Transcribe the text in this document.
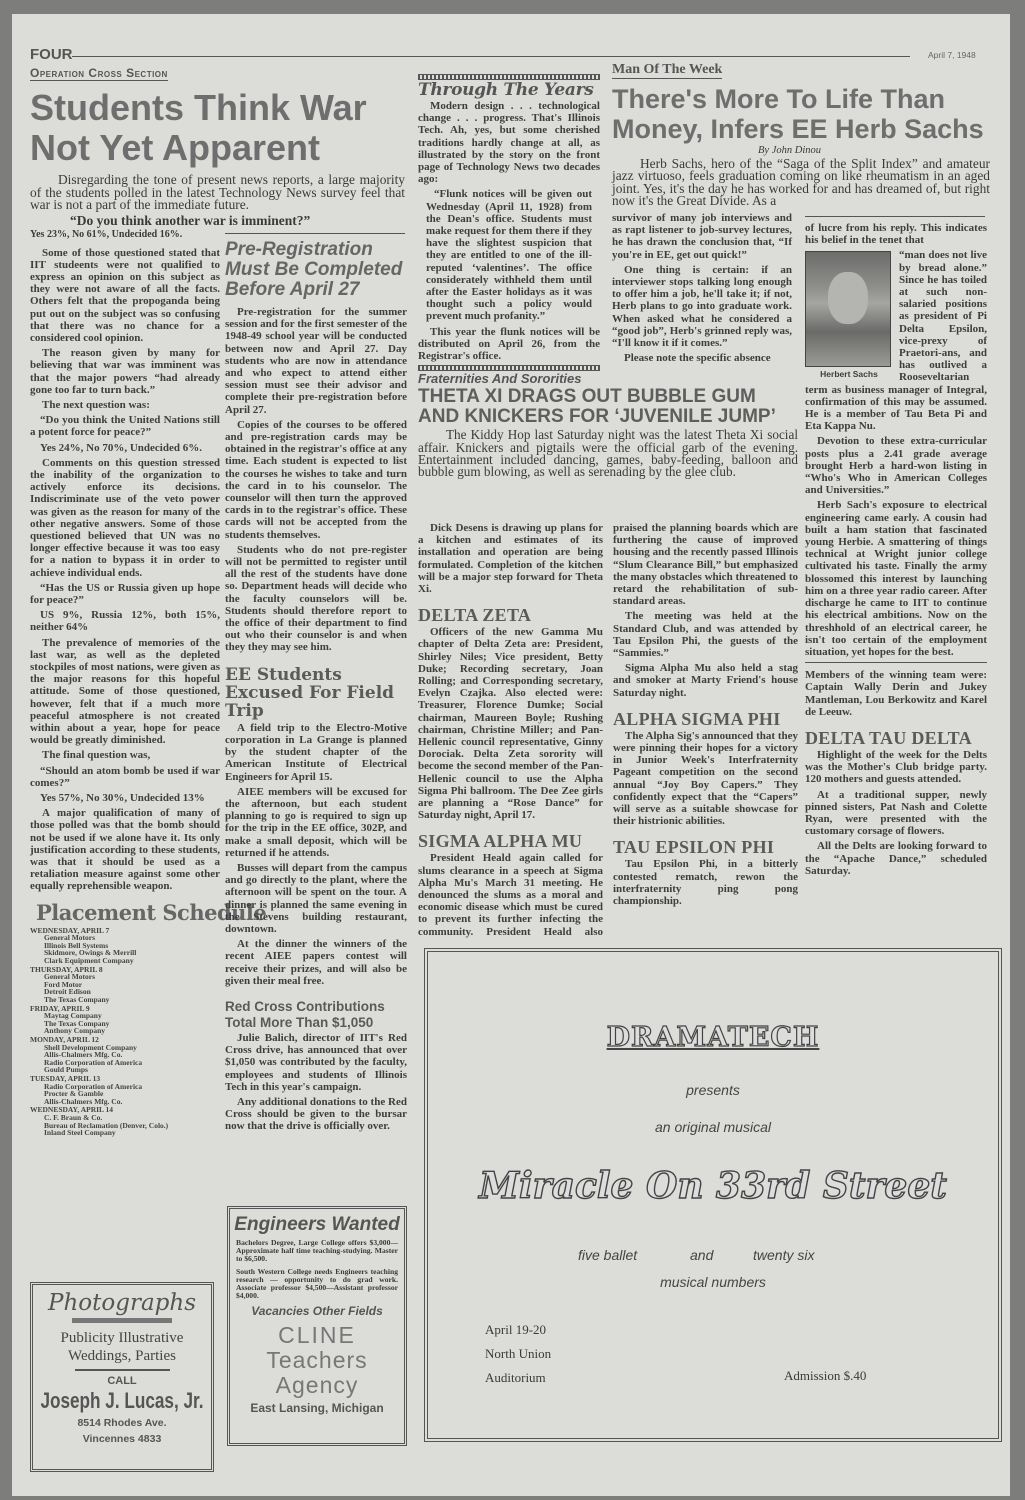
FOUR	April 7, 1948
Operation Cross Section
Students Think War
Not Yet Apparent
Disregarding the tone of present news reports, a large majority of the students polled in the latest Technology News survey feel that war is not a part of the immediate future.
“Do you think another war is imminent?”
Yes 23%, No 61%, Undecided 16%.

Some of those questioned stated that IIT studeents were not qualified to express an opinion on this subject as they were not aware of all the facts. Others felt that the propoganda being put out on the subject was so confusing that there was no chance for a considered cool opinion.

The reason given by many for believing that war was imminent was that the major powers “had already gone too far to turn back.”

The next question was:

“Do you think the United Nations still a potent force for peace?”

Yes 24%, No 70%, Undecided 6%.

Comments on this question stressed the inability of the organization to actively enforce its decisions. Indiscriminate use of the veto power was given as the reason for many of the other negative answers. Some of those questioned believed that UN was no longer effective because it was too easy for a nation to bypass it in order to achieve individual ends.

“Has the US or Russia given up hope for peace?”

US 9%, Russia 12%, both 15%, neither 64%

The prevalence of memories of the last war, as well as the depleted stockpiles of most nations, were given as the major reasons for this hopeful attitude. Some of those questioned, however, felt that if a much more peaceful atmosphere is not created within about a year, hope for peace would be greatly diminished.

The final question was,

“Should an atom bomb be used if war comes?”

Yes 57%, No 30%, Undecided 13%

A major qualification of many of those polled was that the bomb should not be used if we alone have it. Its only justification according to these students, was that it should be used as a retaliation measure against some other equally reprehensible weapon.

Placement Schedule
WEDNESDAY, APRIL 7
General Motors
Illinois Bell Systems
Skidmore, Owings & Merrill
Clark Equipment Company
THURSDAY, APRIL 8
General Motors
Ford Motor
Detroit Edison
The Texas Company
FRIDAY, APRIL 9
Maytag Company
The Texas Company
Anthony Company
MONDAY, APRIL 12
Shell Development Company
Allis-Chalmers Mfg. Co.
Radio Corporation of America
Gould Pumps
TUESDAY, APRIL 13
Radio Corporation of America
Procter & Gamble
Allis-Chalmers Mfg. Co.
WEDNESDAY, APRIL 14
C. F. Braun & Co.
Bureau of Reclamation (Denver, Colo.)
Inland Steel Company
Photographs
Publicity Illustrative
Weddings, Parties
CALL
Joseph J. Lucas, Jr.
8514 Rhodes Ave.
Vincennes 4833
Pre-Registration Must Be Completed Before April 27

Pre-registration for the summer session and for the first semester of the 1948-49 school year will be conducted between now and April 27. Day students who are now in attendance and who expect to attend either session must see their advisor and complete their pre-registration before April 27.

Copies of the courses to be offered and pre-registration cards may be obtained in the registrar's office at any time. Each student is expected to list the courses he wishes to take and turn the card in to his counselor. The counselor will then turn the approved cards in to the registrar's office. These cards will not be accepted from the students themselves.

Students who do not pre-register will not be permitted to register until all the rest of the students have done so. Department heads will decide who the faculty counselors will be. Students should therefore report to the office of their department to find out who their counselor is and when they they may see him.

EE Students Excused For Field Trip

A field trip to the Electro-Motive corporation in La Grange is planned by the student chapter of the American Institute of Electrical Engineers for April 15.

AIEE members will be excused for the afternoon, but each student planning to go is required to sign up for the trip in the EE office, 302P, and make a small deposit, which will be returned if he attends.

Busses will depart from the campus and go directly to the plant, where the afternoon will be spent on the tour. A dinner is planned the same evening in the Stevens building restaurant, downtown.

At the dinner the winners of the recent AIEE papers contest will receive their prizes, and will also be given their meal free.

Red Cross Contributions Total More Than $1,050

Julie Balich, director of IIT's Red Cross drive, has announced that over $1,050 was contributed by the faculty, employees and students of Illinois Tech in this year's campaign.

Any additional donations to the Red Cross should be given to the bursar now that the drive is officially over.

Engineers Wanted
Bachelors Degree, Large College offers $3,000—Approximate half time teaching-studying. Master to $6,500.
South Western College needs Engineers teaching research — opportunity to do grad work. Associate professor $4,500—Assistant professor $4,000.
Vacancies Other Fields
CLINE
Teachers
Agency
East Lansing, Michigan
Through The Years

Modern design . . . technological change . . . progress. That's Illinois Tech. Ah, yes, but some cherished traditions hardly change at all, as illustrated by the story on the front page of Technology News two decades ago:

“Flunk notices will be given out Wednesday (April 11, 1928) from the Dean's office. Students must make request for them there if they have the slightest suspicion that they are entitled to one of the ill-reputed ‘valentines’. The office considerately withheld them until after the Easter holidays as it was thought such a policy would prevent much profanity.”

This year the flunk notices will be distributed on April 26, from the Registrar's office.

Fraternities And Sororities
THETA XI DRAGS OUT BUBBLE GUM AND KNICKERS FOR ‘JUVENILE JUMP’
The Kiddy Hop last Saturday night was the latest Theta Xi social affair. Knickers and pigtails were the official garb of the evening. Entertainment included dancing, games, baby-feeding, balloon and bubble gum blowing, as well as serenading by the glee club.

Dick Desens is drawing up plans for a kitchen and estimates of its installation and operation are being formulated. Completion of the kitchen will be a major step forward for Theta Xi.

DELTA ZETA

Officers of the new Gamma Mu chapter of Delta Zeta are: President, Shirley Niles; Vice president, Betty Duke; Recording secretary, Joan Rolling; and Corresponding secretary, Evelyn Czajka. Also elected were: Treasurer, Florence Dumke; Social chairman, Maureen Boyle; Rushing chairman, Christine Miller; and Pan-Hellenic council representative, Ginny Dorociak. Delta Zeta sorority will become the second member of the Pan-Hellenic council to use the Alpha Sigma Phi ballroom. The Dee Zee girls are planning a “Rose Dance” for Saturday night, April 17.

SIGMA ALPHA MU

President Heald again called for slums clearance in a speech at Sigma Alpha Mu's March 31 meeting. He denounced the slums as a moral and economic disease which must be cured to prevent its further infecting the community. President Heald also praised the planning boards which are furthering the cause of improved housing and the recently passed Illinois “Slum Clearance Bill,” but emphasized the many obstacles which threatened to retard the rehabilitation of sub-standard areas.

The meeting was held at the Standard Club, and was attended by Tau Epsilon Phi, the guests of the “Sammies.”

Sigma Alpha Mu also held a stag and smoker at Marty Friend's house Saturday night.

ALPHA SIGMA PHI

The Alpha Sig's announced that they were pinning their hopes for a victory in Junior Week's Interfraternity Pageant competition on the second annual “Joy Boy Capers.” They confidently expect that the “Capers” will serve as a suitable showcase for their histrionic abilities.

TAU EPSILON PHI

Tau Epsilon Phi, in a bitterly contested rematch, rewon the interfraternity ping pong championship.

Man Of The Week
There's More To Life Than
Money, Infers EE Herb Sachs
By John Dinou
Herb Sachs, hero of the “Saga of the Split Index” and amateur jazz virtuoso, feels graduation coming on like rheumatism in an aged joint. Yes, it's the day he has worked for and has dreamed of, but right now it's the Great Divide. As a

survivor of many job interviews and as rapt listener to job-survey lectures, he has drawn the conclusion that, “If you're in EE, get out quick!”

One thing is certain: if an interviewer stops talking long enough to offer him a job, he'll take it; if not, Herb plans to go into graduate work. When asked what he considered a “good job”, Herb's grinned reply was, “I'll know it if it comes.”

Please note the specific absence

of lucre from his reply. This indicates his belief in the tenet that

Herbert Sachs

“man does not live by bread alone.” Since he has toiled at such non-salaried positions as president of Pi Delta Epsilon, vice-prexy of Praetori-ans, and has outlived a Rooseveltarian term as business manager of Integral, confirmation of this may be assumed. He is a member of Tau Beta Pi and Eta Kappa Nu.

Devotion to these extra-curricular posts plus a 2.41 grade average brought Herb a hard-won listing in “Who's Who in American Colleges and Universities.”

Herb Sach's exposure to electrical engineering came early. A cousin had built a ham station that fascinated young Herbie. A smattering of things technical at Wright junior college cultivated his taste. Finally the army blossomed this interest by launching him on a three year radio career. After discharge he came to IIT to continue his electrical ambitions. Now on the threshhold of an electrical career, he isn't too certain of the employment situation, yet hopes for the best.

Members of the winning team were: Captain Wally Derin and Jukey Mantleman, Lou Berkowitz and Karel de Leeuw.

DELTA TAU DELTA

Highlight of the week for the Delts was the Mother's Club bridge party. 120 mothers and guests attended.

At a traditional supper, newly pinned sisters, Pat Nash and Colette Ryan, were presented with the customary corsage of flowers.

All the Delts are looking forward to the “Apache Dance,” scheduled Saturday.

DRAMATECH
presents
an original musical
Miracle On 33rd Street
five ballet	and	twenty six
musical numbers
April 19-20
North Union
Auditorium	Admission $.40
